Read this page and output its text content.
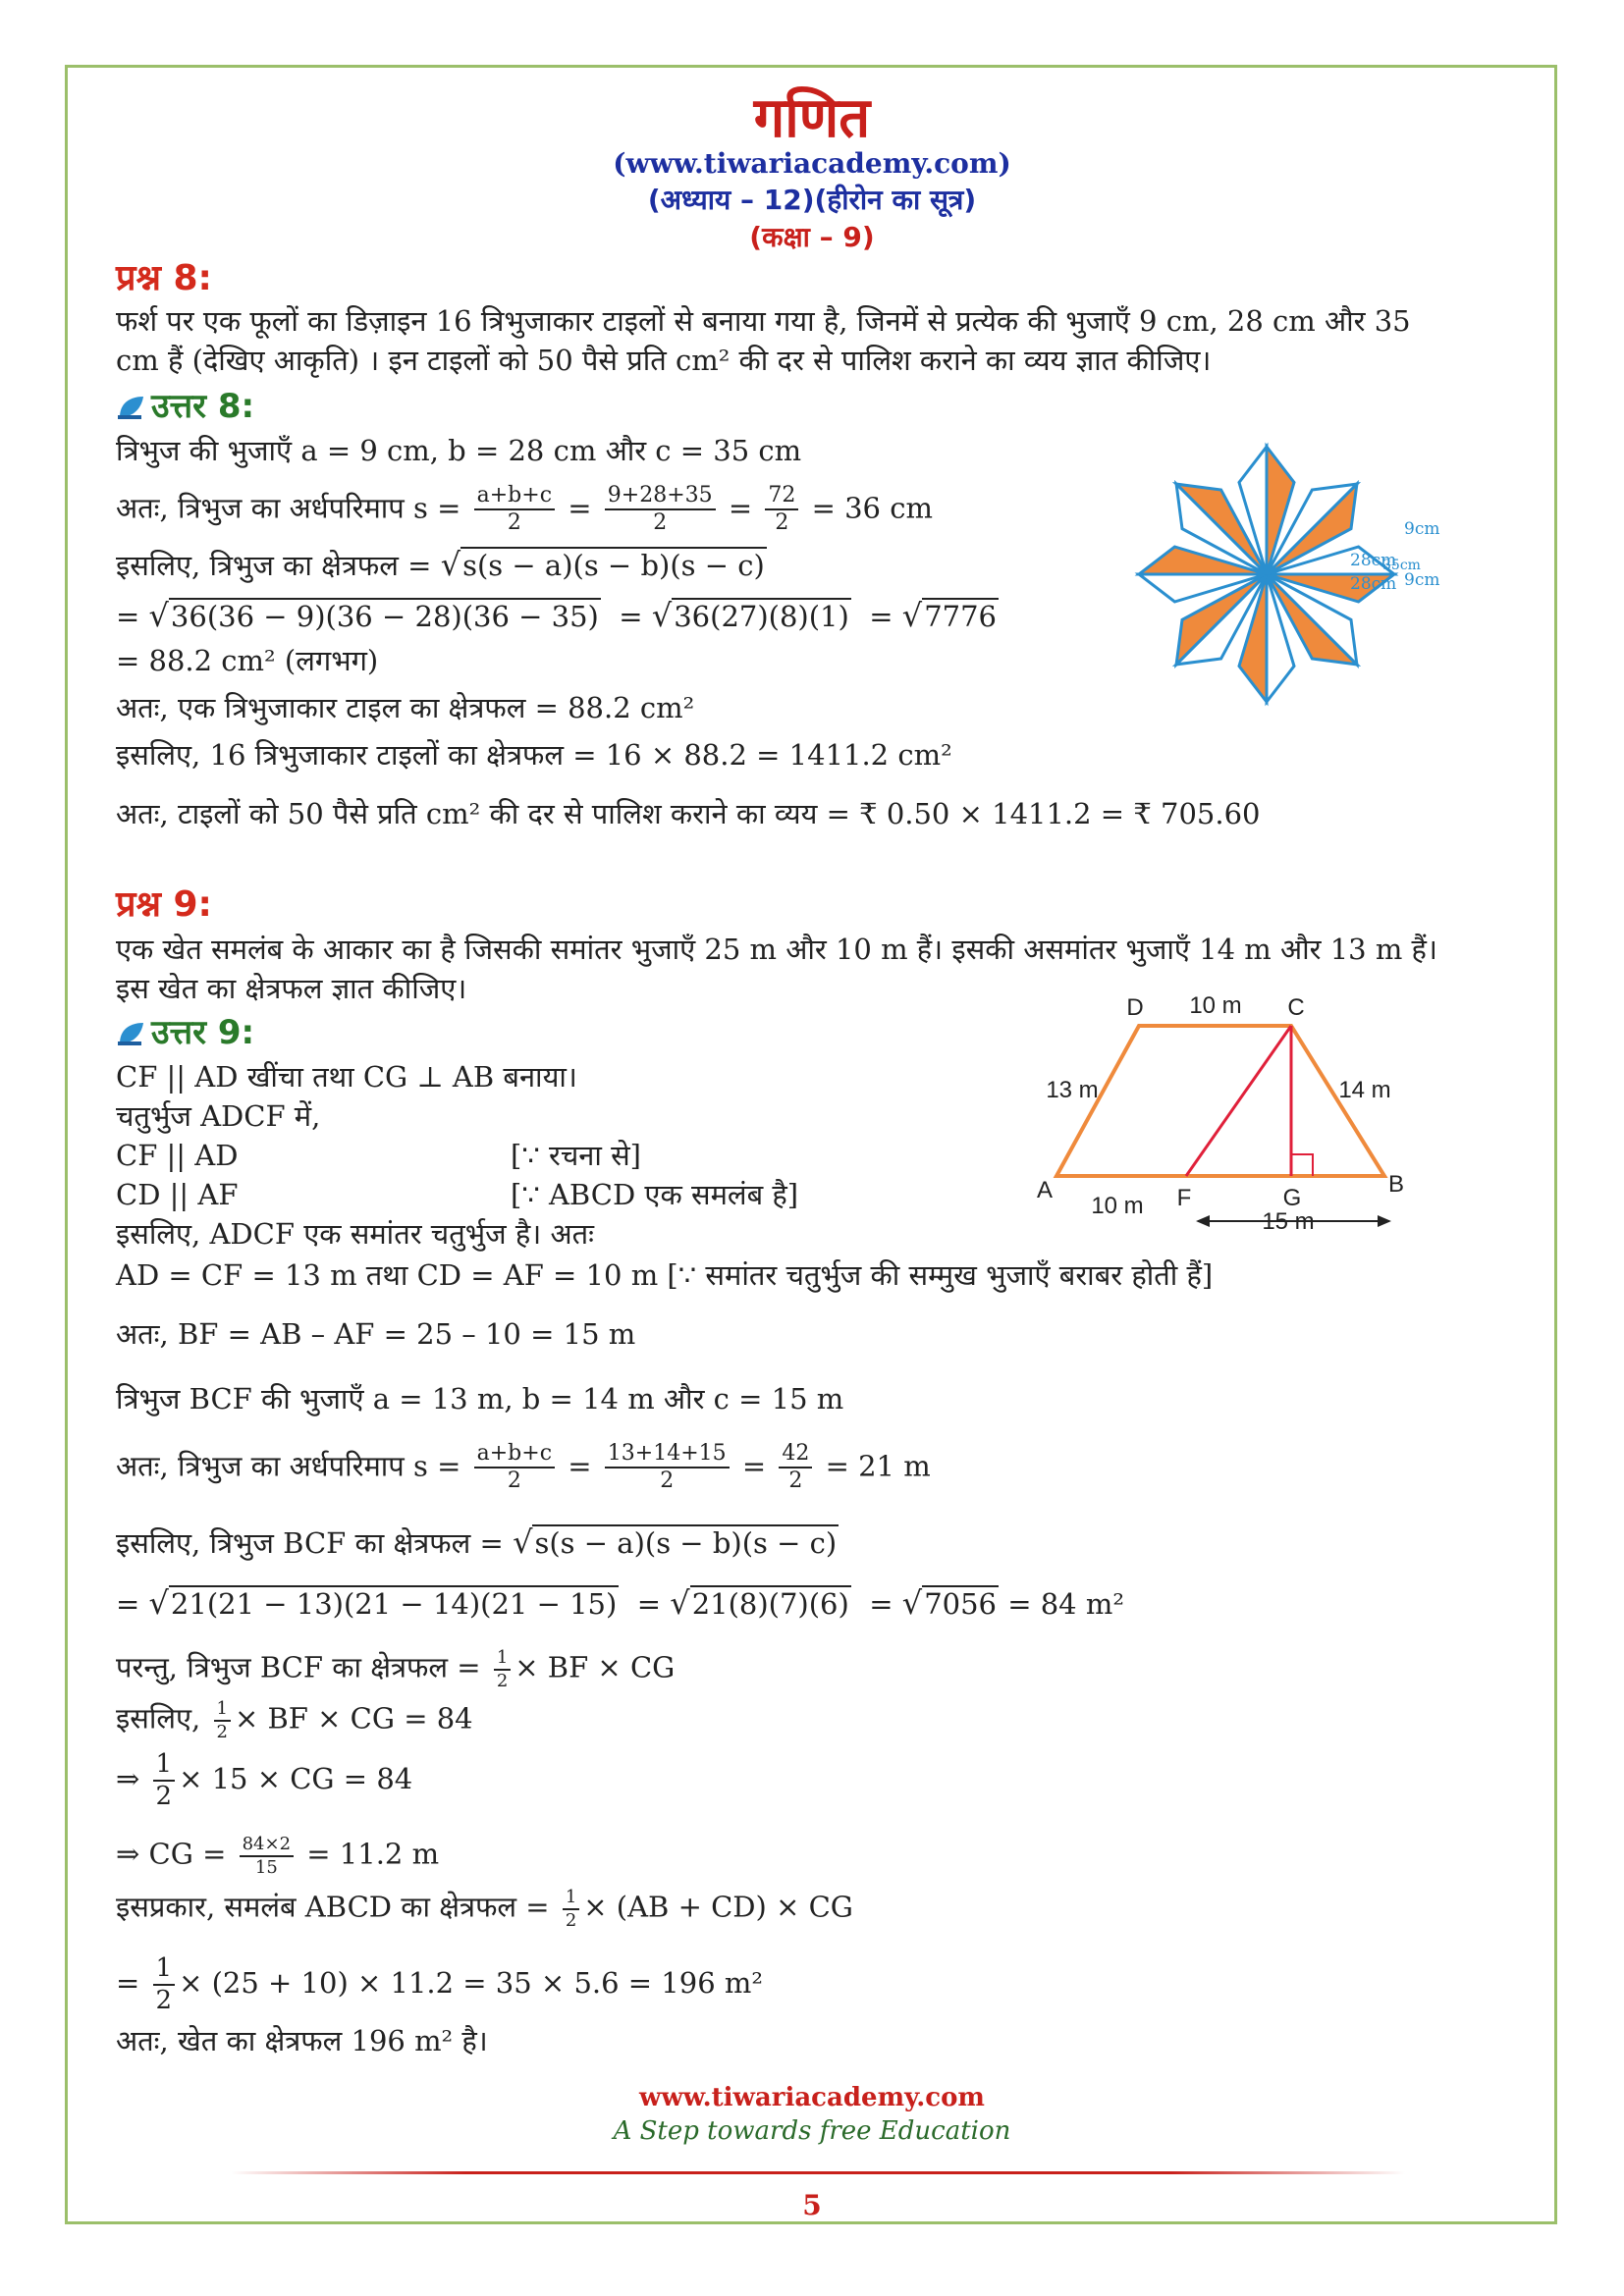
गणित
(www.tiwariacademy.com)
(अध्याय – 12)(हीरोन का सूत्र)
(कक्षा – 9)
प्रश्न 8:
फर्श पर एक फूलों का डिज़ाइन 16 त्रिभुजाकार टाइलों से बनाया गया है, जिनमें से प्रत्येक की भुजाएँ 9 cm, 28 cm और 35
cm हैं (देखिए आकृति) । इन टाइलों को 50 पैसे प्रति cm² की दर से पालिश कराने का व्यय ज्ञात कीजिए।
उत्तर 8:
त्रिभुज की भुजाएँ a = 9 cm, b = 28 cm और c = 35 cm
अतः, त्रिभुज का अर्धपरिमाप $s = \frac{a+b+c}{2} = \frac{9+28+35}{2} = \frac{72}{2} = 36$ cm
इसलिए, त्रिभुज का क्षेत्रफल = √s(s − a)(s − b)(s − c)
= √36(36 − 9)(36 − 28)(36 − 35)  = √36(27)(8)(1)  = √7776
= 88.2 cm² (लगभग)
अतः, एक त्रिभुजाकार टाइल का क्षेत्रफल = 88.2 cm²
इसलिए, 16 त्रिभुजाकार टाइलों का क्षेत्रफल = 16 × 88.2 = 1411.2 cm²
अतः, टाइलों को 50 पैसे प्रति cm² की दर से पालिश कराने का व्यय = ₹ 0.50 × 1411.2 = ₹ 705.60
28cm
9cm
35cm
28cm 9cm
प्रश्न 9:
एक खेत समलंब के आकार का है जिसकी समांतर भुजाएँ 25 m और 10 m हैं। इसकी असमांतर भुजाएँ 14 m और 13 m हैं।
इस खेत का क्षेत्रफल ज्ञात कीजिए।
उत्तर 9:
CF || AD खींचा तथा CG ⊥ AB बनाया।
चतुर्भुज ADCF में,
CF || AD	[∵ रचना से]
CD || AF	[∵ ABCD एक समलंब है]
इसलिए, ADCF एक समांतर चतुर्भुज है। अतः
AD = CF = 13 m तथा CD = AF = 10 m [∵ समांतर चतुर्भुज की सम्मुख भुजाएँ बराबर होती हैं]
अतः, BF = AB – AF = 25 – 10 = 15 m
त्रिभुज BCF की भुजाएँ a = 13 m, b = 14 m और c = 15 m
अतः, त्रिभुज का अर्धपरिमाप $s = \frac{a+b+c}{2} = \frac{13+14+15}{2} = \frac{42}{2} = 21$ m
इसलिए, त्रिभुज BCF का क्षेत्रफल = √s(s − a)(s − b)(s − c)
= √21(21 − 13)(21 − 14)(21 − 15)  = √21(8)(7)(6)  = √7056 = 84 m²
परन्तु, त्रिभुज BCF का क्षेत्रफल = $\frac{1}{2}$ × BF × CG
इसलिए, $\frac{1}{2}$ × BF × CG = 84
⇒ $\frac{1}{2} \times 15$ × CG = 84
⇒ CG = $\frac{84\times 2}{15} = 11.2$ m
इसप्रकार, समलंब ABCD का क्षेत्रफल = $\frac{1}{2} \times (AB + CD)$ × CG
= $\frac{1}{2} \times (25 + 10) \times 11.2 = 35 \times 5.6 = 196$ m²
अतः, खेत का क्षेत्रफल 196 m² है।
D	C
A	B
F	G
10 m
13 m	14 m
10 m
15 m
www.tiwariacademy.com
A Step towards free Education
5
